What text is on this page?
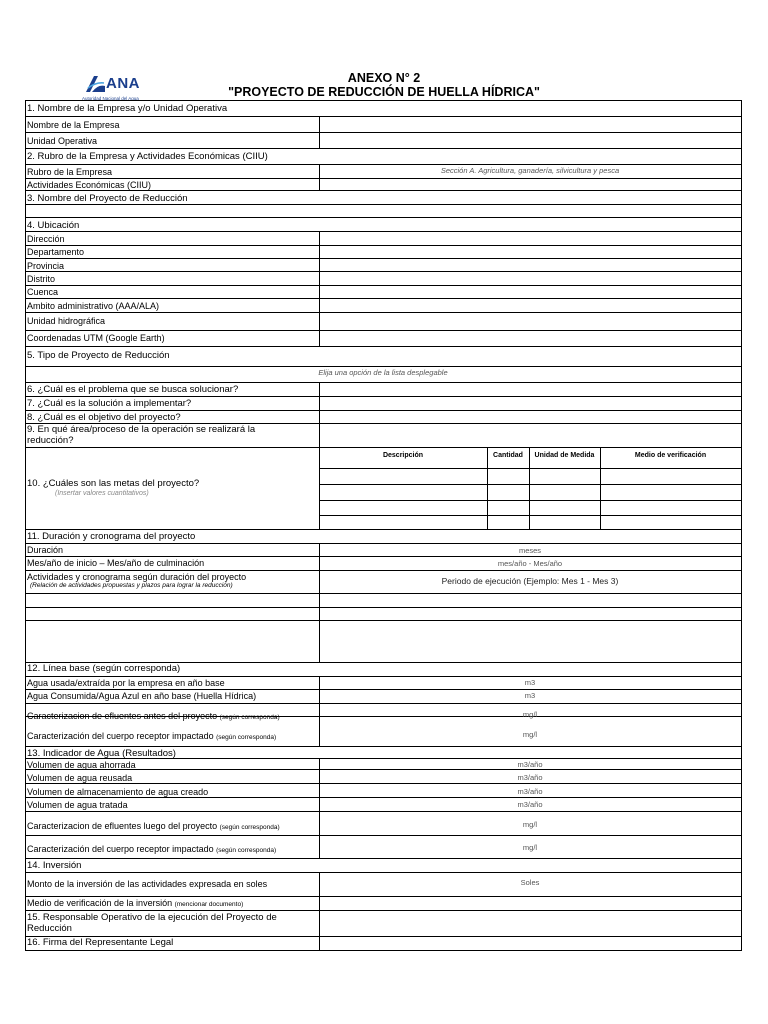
ANA
Autoridad Nacional del Agua
ANEXO N° 2
"PROYECTO DE REDUCCIÓN DE HUELLA HÍDRICA"
1. Nombre de la Empresa y/o Unidad Operativa
Nombre de la Empresa
Unidad Operativa
2. Rubro de la Empresa y Actividades Económicas (CIIU)
Rubro de la Empresa	Sección A. Agricultura, ganadería, silvicultura y pesca
Actividades Económicas (CIIU)
3. Nombre del Proyecto de Reducción
4. Ubicación
Dirección
Departamento
Provincia
Distrito
Cuenca
Ambito administrativo (AAA/ALA)
Unidad hidrográfica
Coordenadas UTM (Google Earth)
5. Tipo de Proyecto de Reducción
Elija una opción de la lista desplegable
6. ¿Cuál es el problema que se busca solucionar?
7. ¿Cuál es la solución a implementar?
8. ¿Cuál es el objetivo del proyecto?
9. En qué área/proceso de la operación se realizará la
reducción?
Descripción	Cantidad	Unidad de Medida	Medio de verificación
10. ¿Cuáles son las metas del proyecto?
(Insertar valores cuantitativos)
11. Duración y cronograma del proyecto
Duración	meses
Mes/año de inicio – Mes/año de culminación	mes/año - Mes/año
Actividades y cronograma según duración del proyecto
(Relación de actividades propuestas y plazos para lograr la reducción)	Periodo de ejecución (Ejemplo: Mes 1 - Mes 3)
12. Línea base (según corresponda)
Agua usada/extraída por la empresa en año base	m3
Agua Consumida/Agua Azul en año base (Huella Hídrica)	m3
Caracterizacion de efluentes antes del proyecto (según corresponda)	mg/l
Caracterización del cuerpo receptor impactado (según corresponda)	mg/l
13. Indicador de Agua (Resultados)
Volumen de agua ahorrada	m3/año
Volumen de agua reusada	m3/año
Volumen de almacenamiento de agua creado	m3/año
Volumen de agua tratada	m3/año
Caracterizacion de efluentes luego del proyecto (según corresponda)	mg/l
Caracterización del cuerpo receptor impactado (según corresponda)	mg/l
14. Inversión
Monto de la inversión de las actividades expresada en soles	Soles
Medio de verificación de la inversión (mencionar documento)
15. Responsable Operativo de la ejecución del Proyecto de
Reducción
16. Firma del Representante Legal
